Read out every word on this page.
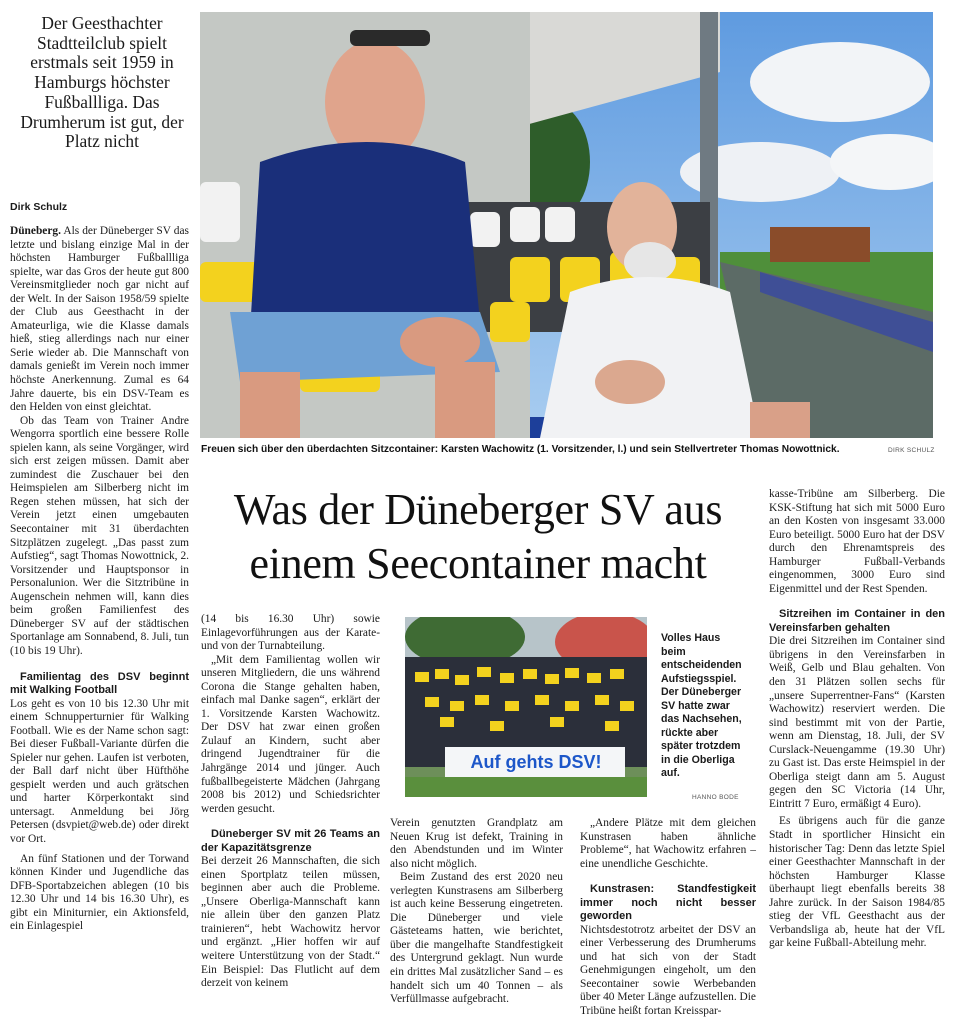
Der Geesthachter Stadtteilclub spielt erstmals seit 1959 in Hamburgs höchster Fußballliga. Das Drumherum ist gut, der Platz nicht
Dirk Schulz
Freuen sich über den überdachten Sitzcontainer: Karsten Wachowitz (1. Vorsitzender, l.) und sein Stellvertreter Thomas Nowottnick.	DIRK SCHULZ
Was der Düneberger SV aus
einem Seecontainer macht

Düneberg. Als der Düneberger SV das letzte und bislang einzige Mal in der höchsten Hamburger Fußballliga spielte, war das Gros der heute gut 800 Vereinsmitglieder noch gar nicht auf der Welt. In der Saison 1958/59 spielte der Club aus Geesthacht in der Amateurliga, wie die Klasse damals hieß, stieg allerdings nach nur einer Serie wieder ab. Die Mannschaft von damals genießt im Verein noch immer höchste Anerkennung. Zumal es 64 Jahre dauerte, bis ein DSV-Team es den Helden von einst gleichtat.

Ob das Team von Trainer Andre Wengorra sportlich eine bessere Rolle spielen kann, als seine Vorgänger, wird sich erst zeigen müssen. Damit aber zumindest die Zuschauer bei den Heimspielen am Silberberg nicht im Regen stehen müssen, hat sich der Verein jetzt einen umgebauten Seecontainer mit 31 überdachten Sitzplätzen zugelegt. „Das passt zum Aufstieg“, sagt Thomas Nowottnick, 2. Vorsitzender und Hauptsponsor in Personalunion. Wer die Sitztribüne in Augenschein nehmen will, kann dies beim großen Familienfest des Düneberger SV auf der städtischen Sportanlage am Sonnabend, 8. Juli, tun (10 bis 19 Uhr).

Familientag des DSV beginnt mit Walking Football

Los geht es von 10 bis 12.30 Uhr mit einem Schnupperturnier für Walking Football. Wie es der Name schon sagt: Bei dieser Fußball-Variante dürfen die Spieler nur gehen. Laufen ist verboten, der Ball darf nicht über Hüfthöhe gespielt werden und auch grätschen und harter Körperkontakt sind untersagt. Anmeldung bei Jörg Petersen (dsvpiet@web.de) oder direkt vor Ort.

An fünf Stationen und der Torwand können Kinder und Jugendliche das DFB-Sportabzeichen ablegen (10 bis 12.30 Uhr und 14 bis 16.30 Uhr), es gibt ein Miniturnier, ein Aktionsfeld, ein Einlagespiel

(14 bis 16.30 Uhr) sowie Einlagevorführungen aus der Karate- und von der Turnabteilung.

„Mit dem Familientag wollen wir unseren Mitgliedern, die uns während Corona die Stange gehalten haben, einfach mal Danke sagen“, erklärt der 1. Vorsitzende Karsten Wachowitz. Der DSV hat zwar einen großen Zulauf an Kindern, sucht aber dringend Jugendtrainer für die Jahrgänge 2014 und jünger. Auch fußballbegeisterte Mädchen (Jahrgang 2008 bis 2012) und Schiedsrichter werden gesucht.

Düneberger SV mit 26 Teams an der Kapazitätsgrenze

Bei derzeit 26 Mannschaften, die sich einen Sportplatz teilen müssen, beginnen aber auch die Probleme. „Unsere Oberliga-Mannschaft kann nie allein über den ganzen Platz trainieren“, hebt Wachowitz hervor und ergänzt. „Hier hoffen wir auf weitere Unterstützung von der Stadt.“ Ein Beispiel: Das Flutlicht auf dem derzeit von keinem

Auf gehts DSV!
Volles Haus beim entscheidenden Aufstiegsspiel. Der Düneberger SV hatte zwar das Nachsehen, rückte aber später trotzdem in die Oberliga auf.
HANNO BODE

Verein genutzten Grandplatz am Neuen Krug ist defekt, Training in den Abendstunden und im Winter also nicht möglich.

Beim Zustand des erst 2020 neu verlegten Kunstrasens am Silberberg ist auch keine Besserung eingetreten. Die Düneberger und viele Gästeteams hatten, wie berichtet, über die mangelhafte Standfestigkeit des Untergrund geklagt. Nun wurde ein drittes Mal zusätzlicher Sand – es handelt sich um 40 Tonnen – als Verfüllmasse aufgebracht.

„Andere Plätze mit dem gleichen Kunstrasen haben ähnliche Probleme“, hat Wachowitz erfahren – eine unendliche Geschichte.

Kunstrasen: Standfestigkeit immer noch nicht besser geworden

Nichtsdestotrotz arbeitet der DSV an einer Verbesserung des Drumherums und hat sich von der Stadt Genehmigungen eingeholt, um den Seecontainer sowie Werbebanden über 40 Meter Länge aufzustellen. Die Tribüne heißt fortan Kreisspar-

kasse-Tribüne am Silberberg. Die KSK-Stiftung hat sich mit 5000 Euro an den Kosten von insgesamt 33.000 Euro beteiligt. 5000 Euro hat der DSV durch den Ehrenamtspreis des Hamburger Fußball-Verbands eingenommen, 3000 Euro sind Eigenmittel und der Rest Spenden.

Sitzreihen im Container in den Vereinsfarben gehalten

Die drei Sitzreihen im Container sind übrigens in den Vereinsfarben in Weiß, Gelb und Blau gehalten. Von den 31 Plätzen sollen sechs für „unsere Superrentner-Fans“ (Karsten Wachowitz) reserviert werden. Die sind bestimmt mit von der Partie, wenn am Dienstag, 18. Juli, der SV Curslack-Neuengamme (19.30 Uhr) zu Gast ist. Das erste Heimspiel in der Oberliga steigt dann am 5. August gegen den SC Victoria (14 Uhr, Eintritt 7 Euro, ermäßigt 4 Euro).

Es übrigens auch für die ganze Stadt in sportlicher Hinsicht ein historischer Tag: Denn das letzte Spiel einer Geesthachter Mannschaft in der höchsten Hamburger Klasse überhaupt liegt ebenfalls bereits 38 Jahre zurück. In der Saison 1984/85 stieg der VfL Geesthacht aus der Verbandsliga ab, heute hat der VfL gar keine Fußball-Abteilung mehr.
